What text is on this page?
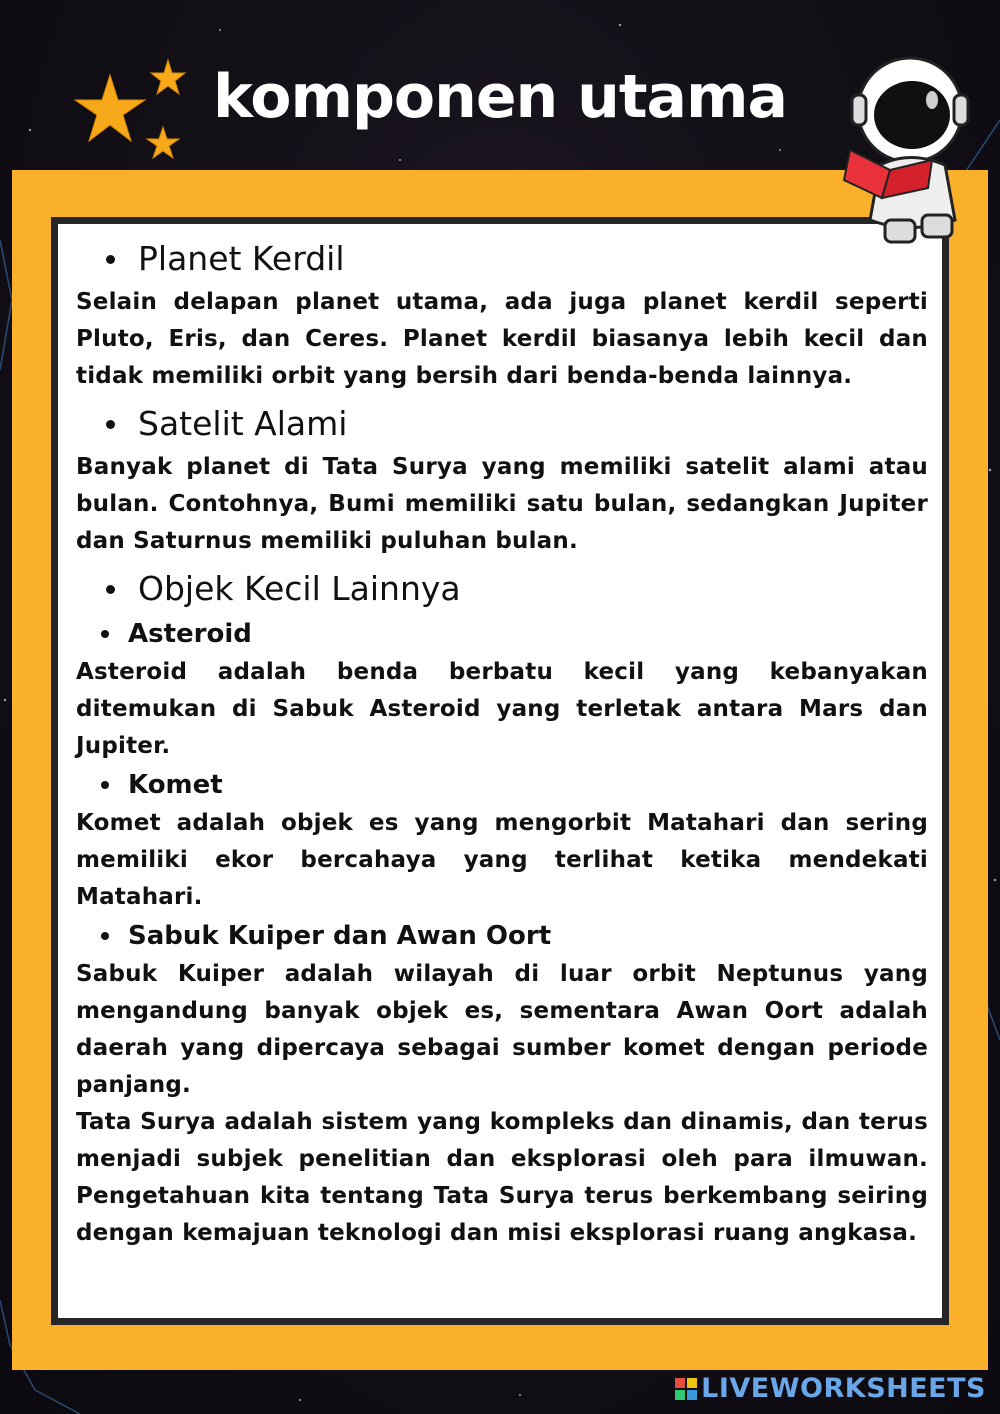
komponen utama
Planet Kerdil

Selain delapan planet utama, ada juga planet kerdil seperti Pluto, Eris, dan Ceres. Planet kerdil biasanya lebih kecil dan tidak memiliki orbit yang bersih dari benda-benda lainnya.

Satelit Alami

Banyak planet di Tata Surya yang memiliki satelit alami atau bulan. Contohnya, Bumi memiliki satu bulan, sedangkan Jupiter dan Saturnus memiliki puluhan bulan.

Objek Kecil Lainnya
Asteroid

Asteroid adalah benda berbatu kecil yang kebanyakan ditemukan di Sabuk Asteroid yang terletak antara Mars dan Jupiter.

Komet

Komet adalah objek es yang mengorbit Matahari dan sering memiliki ekor bercahaya yang terlihat ketika mendekati Matahari.

Sabuk Kuiper dan Awan Oort

Sabuk Kuiper adalah wilayah di luar orbit Neptunus yang mengandung banyak objek es, sementara Awan Oort adalah daerah yang dipercaya sebagai sumber komet dengan periode panjang.

Tata Surya adalah sistem yang kompleks dan dinamis, dan terus menjadi subjek penelitian dan eksplorasi oleh para ilmuwan. Pengetahuan kita tentang Tata Surya terus berkembang seiring dengan kemajuan teknologi dan misi eksplorasi ruang angkasa.

LIVEWORKSHEETS
